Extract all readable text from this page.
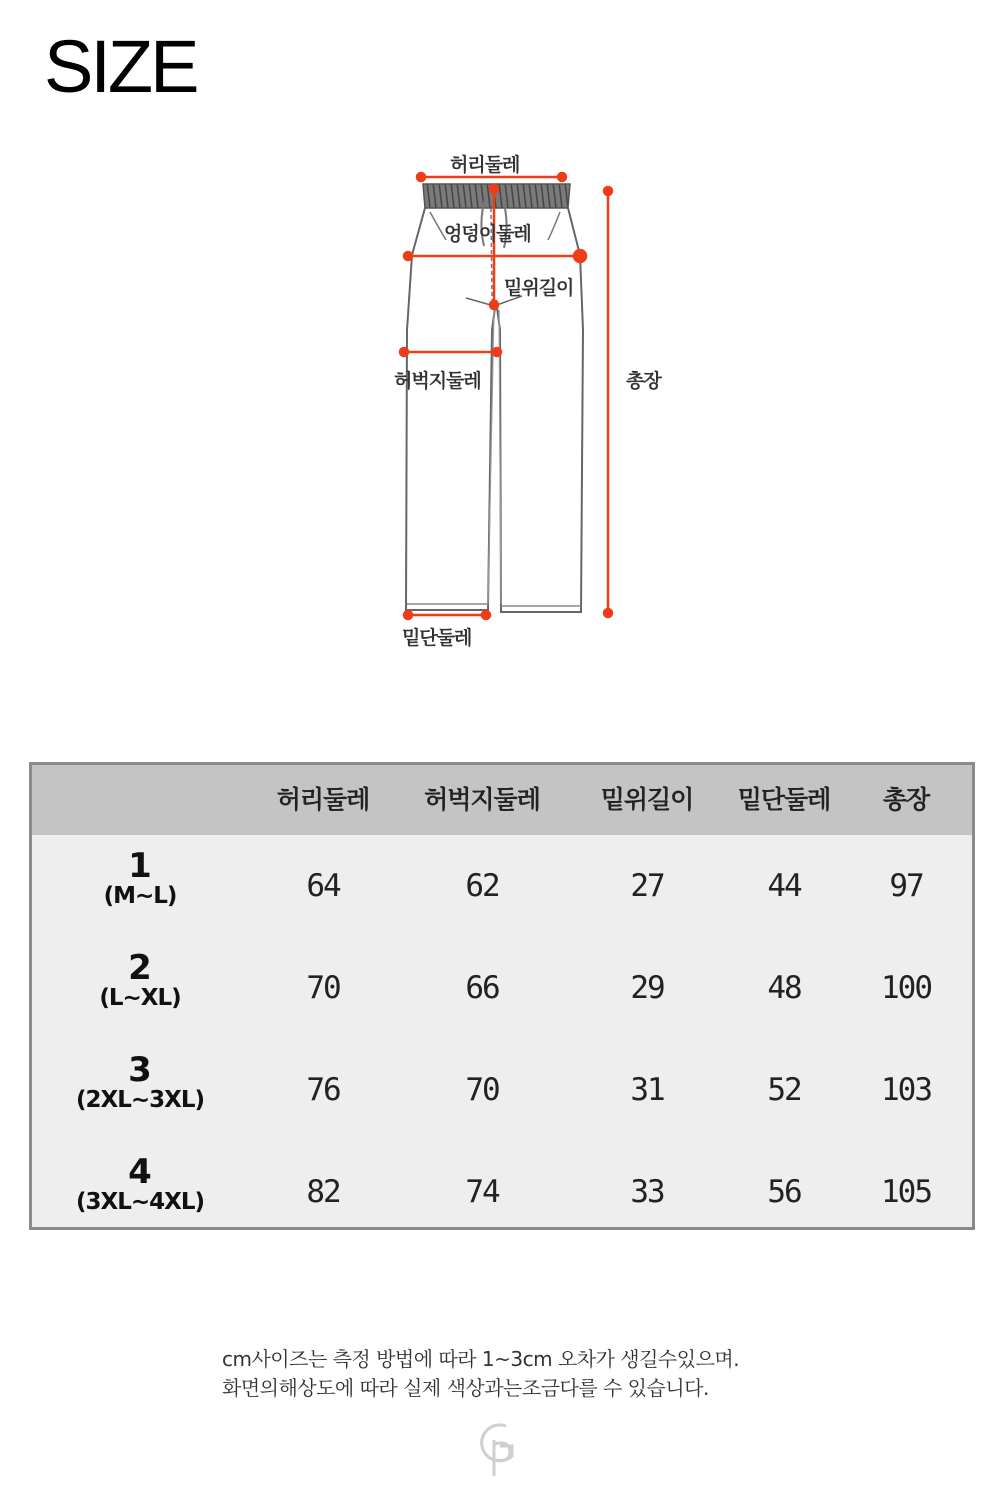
SIZE
허리둘레
엉덩이둘레
밑위길이
허벅지둘레	총장
밑단둘레
허리둘레	허벅지둘레	밑위길이	밑단둘레	총장
1
(M~L)	64	62	27	44	97
2
(L~XL)	70	66	29	48	100
3
(2XL~3XL)	76	70	31	52	103
4
(3XL~4XL)	82	74	33	56	105
cm사이즈는 측정 방법에 따라 1~3cm 오차가 생길수있으며.
화면의해상도에 따라 실제 색상과는조금다를 수 있습니다.
